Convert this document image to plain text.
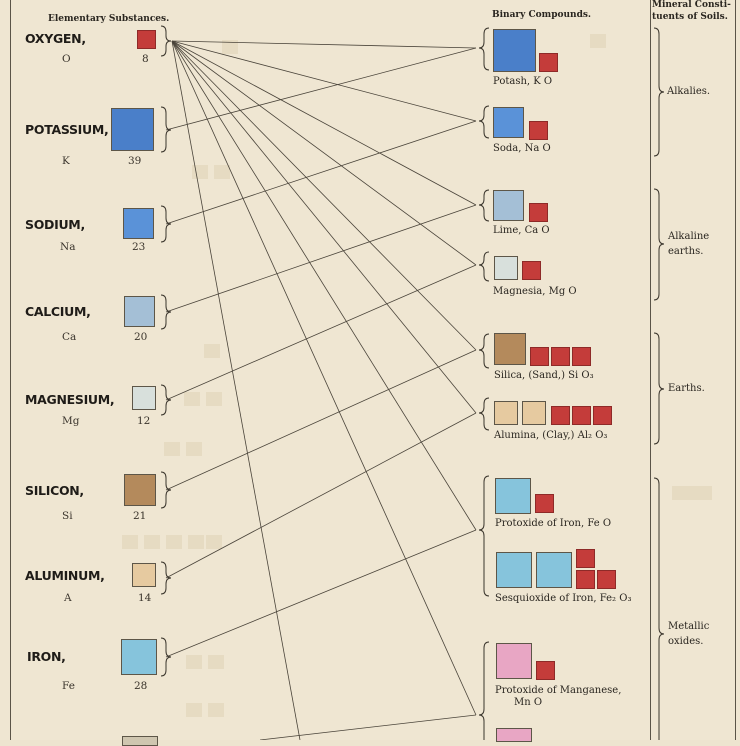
Elementary Substances.	Binary Compounds.
Mineral Consti-
tuents of Soils.
OXYGEN,
O	8
POTASSIUM,
K	39
SODIUM,
Na	23
CALCIUM,
Ca	20
MAGNESIUM,
Mg	12
SILICON,
Si	21
ALUMINUM,
A	14
IRON,
Fe	28
Potash, K O
Soda, Na O
Lime, Ca O
Magnesia, Mg O
Silica, (Sand,) Si O₃
Alumina, (Clay,) Al₂ O₃
Protoxide of Iron, Fe O
Sesquioxide of Iron, Fe₂ O₃
Protoxide of Manganese,
Mn O
Alkalies.
Alkaline
earths.
Earths.
Metallic
oxides.
